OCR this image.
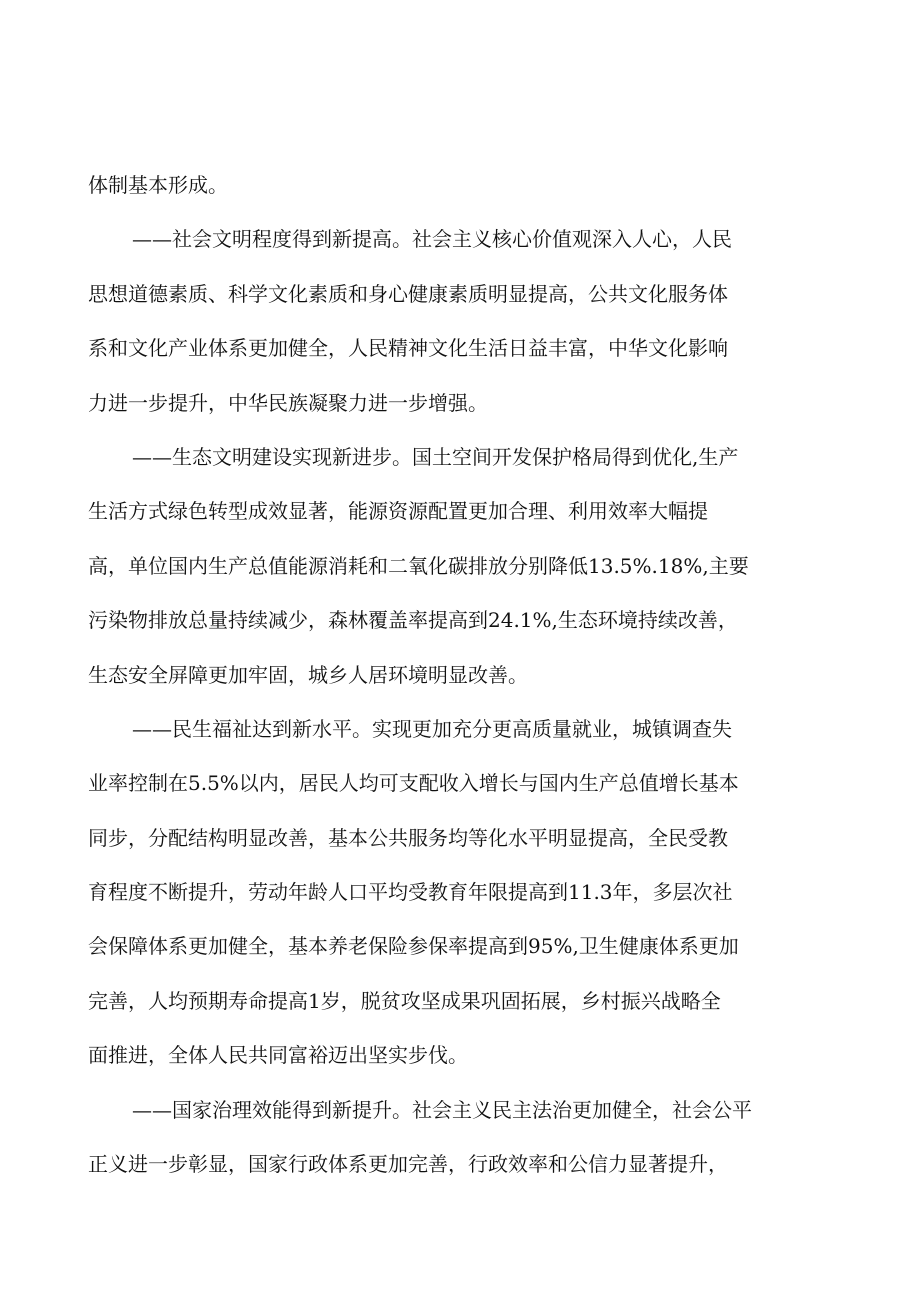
体制基本形成。
——社会文明程度得到新提高。社会主义核心价值观深入人心，人民
思想道德素质、科学文化素质和身心健康素质明显提高，公共文化服务体
系和文化产业体系更加健全，人民精神文化生活日益丰富，中华文化影响
力进一步提升，中华民族凝聚力进一步增强。
——生态文明建设实现新进步。国土空间开发保护格局得到优化,生产
生活方式绿色转型成效显著，能源资源配置更加合理、利用效率大幅提
高，单位国内生产总值能源消耗和二氧化碳排放分别降低13.5%.18%,主要
污染物排放总量持续减少，森林覆盖率提高到24.1%,生态环境持续改善，
生态安全屏障更加牢固，城乡人居环境明显改善。
——民生福祉达到新水平。实现更加充分更高质量就业，城镇调查失
业率控制在5.5%以内，居民人均可支配收入增长与国内生产总值增长基本
同步，分配结构明显改善，基本公共服务均等化水平明显提高，全民受教
育程度不断提升，劳动年龄人口平均受教育年限提高到11.3年，多层次社
会保障体系更加健全，基本养老保险参保率提高到95%,卫生健康体系更加
完善，人均预期寿命提高1岁，脱贫攻坚成果巩固拓展，乡村振兴战略全
面推进，全体人民共同富裕迈出坚实步伐。
——国家治理效能得到新提升。社会主义民主法治更加健全，社会公平
正义进一步彰显，国家行政体系更加完善，行政效率和公信力显著提升，
